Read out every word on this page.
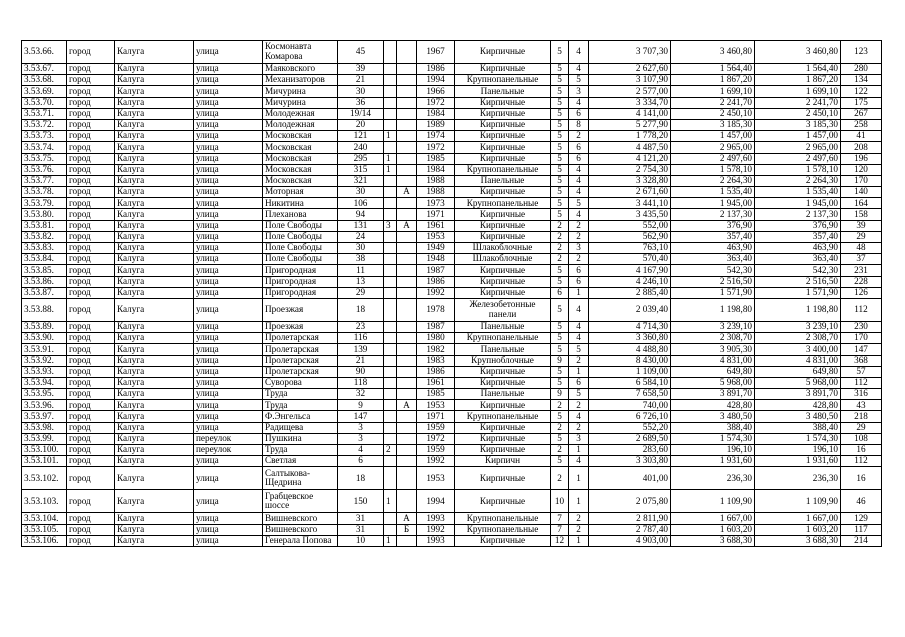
3.53.66.	город	Калуга	улица	Космонавта Комарова	45			1967	Кирпичные	5	4	3 707,30	3 460,80	3 460,80	123
3.53.67.	город	Калуга	улица	Маяковского	39			1986	Кирпичные	5	4	2 627,60	1 564,40	1 564,40	280
3.53.68.	город	Калуга	улица	Механизаторов	21			1994	Крупнопанельные	5	5	3 107,90	1 867,20	1 867,20	134
3.53.69.	город	Калуга	улица	Мичурина	30			1966	Панельные	5	3	2 577,00	1 699,10	1 699,10	122
3.53.70.	город	Калуга	улица	Мичурина	36			1972	Кирпичные	5	4	3 334,70	2 241,70	2 241,70	175
3.53.71.	город	Калуга	улица	Молодежная	19/14			1984	Кирпичные	5	6	4 141,00	2 450,10	2 450,10	267
3.53.72.	город	Калуга	улица	Молодежная	20			1989	Кирпичные	5	8	5 277,90	3 185,30	3 185,30	258
3.53.73.	город	Калуга	улица	Московская	121	1		1974	Кирпичные	5	2	1 778,20	1 457,00	1 457,00	41
3.53.74.	город	Калуга	улица	Московская	240			1972	Кирпичные	5	6	4 487,50	2 965,00	2 965,00	208
3.53.75.	город	Калуга	улица	Московская	295	1		1985	Кирпичные	5	6	4 121,20	2 497,60	2 497,60	196
3.53.76.	город	Калуга	улица	Московская	315	1		1984	Крупнопанельные	5	4	2 754,30	1 578,10	1 578,10	120
3.53.77.	город	Калуга	улица	Московская	321			1988	Панельные	5	4	3 328,80	2 264,30	2 264,30	170
3.53.78.	город	Калуга	улица	Моторная	30		А	1988	Кирпичные	5	4	2 671,60	1 535,40	1 535,40	140
3.53.79.	город	Калуга	улица	Никитина	106			1973	Крупнопанельные	5	5	3 441,10	1 945,00	1 945,00	164
3.53.80.	город	Калуга	улица	Плеханова	94			1971	Кирпичные	5	4	3 435,50	2 137,30	2 137,30	158
3.53.81.	город	Калуга	улица	Поле Свободы	131	3	А	1961	Кирпичные	2	2	552,00	376,90	376,90	39
3.53.82.	город	Калуга	улица	Поле Свободы	24			1953	Кирпичные	2	2	562,90	357,40	357,40	29
3.53.83.	город	Калуга	улица	Поле Свободы	30			1949	Шлакоблочные	2	3	763,10	463,90	463,90	48
3.53.84.	город	Калуга	улица	Поле Свободы	38			1948	Шлакоблочные	2	2	570,40	363,40	363,40	37
3.53.85.	город	Калуга	улица	Пригородная	11			1987	Кирпичные	5	6	4 167,90	542,30	542,30	231
3.53.86.	город	Калуга	улица	Пригородная	13			1986	Кирпичные	5	6	4 246,10	2 516,50	2 516,50	228
3.53.87.	город	Калуга	улица	Пригородная	29			1992	Кирпичные	6	1	2 885,40	1 571,90	1 571,90	126
3.53.88.	город	Калуга	улица	Проезжая	18			1978	Железобетонные панели	5	4	2 039,40	1 198,80	1 198,80	112
3.53.89.	город	Калуга	улица	Проезжая	23			1987	Панельные	5	4	4 714,30	3 239,10	3 239,10	230
3.53.90.	город	Калуга	улица	Пролетарская	116			1980	Крупнопанельные	5	4	3 360,80	2 308,70	2 308,70	170
3.53.91.	город	Калуга	улица	Пролетарская	139			1982	Панельные	5	5	4 488,80	3 905,30	3 400,00	147
3.53.92.	город	Калуга	улица	Пролетарская	21			1983	Крупноблочные	9	2	8 430,00	4 831,00	4 831,00	368
3.53.93.	город	Калуга	улица	Пролетарская	90			1986	Кирпичные	5	1	1 109,00	649,80	649,80	57
3.53.94.	город	Калуга	улица	Суворова	118			1961	Кирпичные	5	6	6 584,10	5 968,00	5 968,00	112
3.53.95.	город	Калуга	улица	Труда	32			1985	Панельные	9	5	7 658,50	3 891,70	3 891,70	316
3.53.96.	город	Калуга	улица	Труда	9		А	1953	Кирпичные	2	2	740,00	428,80	428,80	43
3.53.97.	город	Калуга	улица	Ф.Энгельса	147			1971	Крупнопанельные	5	4	6 726,10	3 480,50	3 480,50	218
3.53.98.	город	Калуга	улица	Радищева	3			1959	Кирпичные	2	2	552,20	388,40	388,40	29
3.53.99.	город	Калуга	переулок	Пушкина	3			1972	Кирпичные	5	3	2 689,50	1 574,30	1 574,30	108
3.53.100.	город	Калуга	переулок	Труда	4	2		1959	Кирпичные	2	1	283,60	196,10	196,10	16
3.53.101.	город	Калуга	улица	Светлая	6			1992	Кирпичн	5	4	3 303,80	1 931,60	1 931,60	112
3.53.102.	город	Калуга	улица	Салтыкова-Щедрина	18			1953	Кирпичные	2	1	401,00	236,30	236,30	16
3.53.103.	город	Калуга	улица	Грабцевское шоссе	150	1		1994	Кирпичные	10	1	2 075,80	1 109,90	1 109,90	46
3.53.104.	город	Калуга	улица	Вишневского	31		А	1993	Крупнопанельные	7	2	2 811,90	1 667,00	1 667,00	129
3.53.105.	город	Калуга	улица	Вишневского	31		Б	1992	Крупнопанельные	7	2	2 787,40	1 603,20	1 603,20	117
3.53.106.	город	Калуга	улица	Генерала Попова	10	1		1993	Кирпичные	12	1	4 903,00	3 688,30	3 688,30	214
